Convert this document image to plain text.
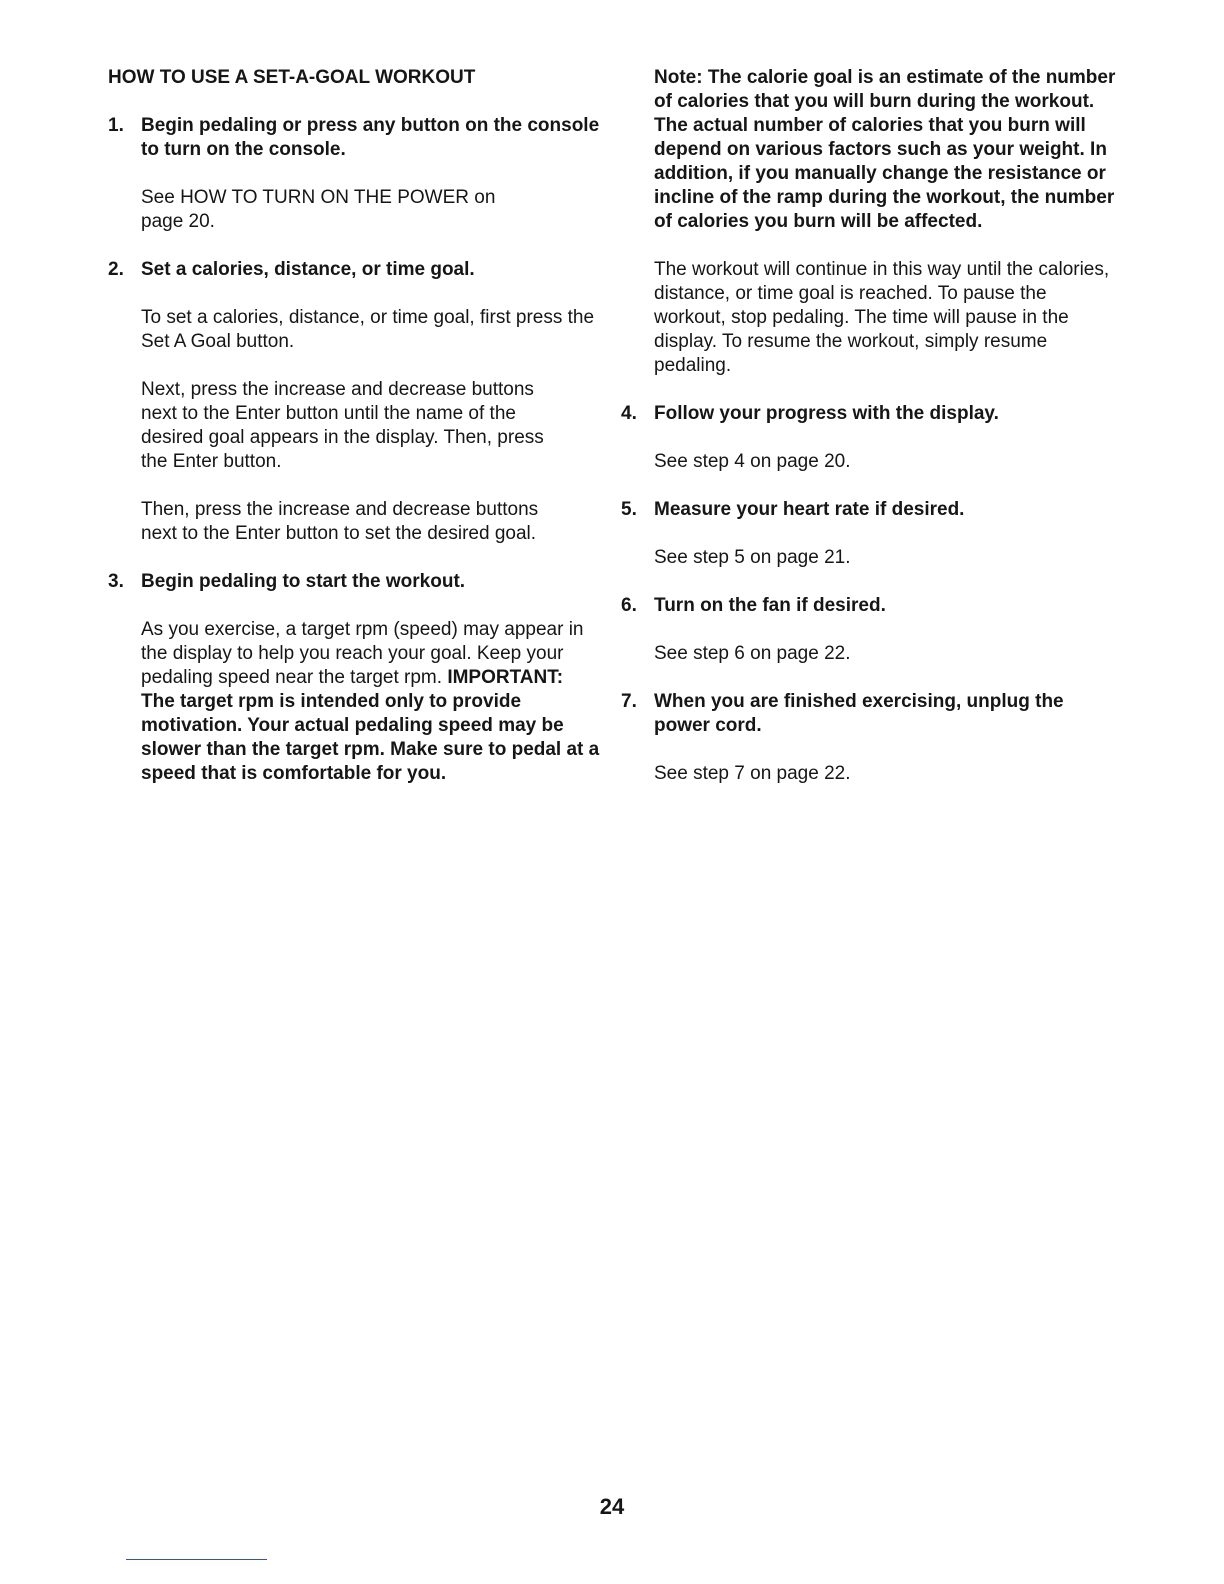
HOW TO USE A SET-A-GOAL WORKOUT
1. Begin pedaling or press any button on the console to turn on the console.
See HOW TO TURN ON THE POWER on page 20.
2. Set a calories, distance, or time goal.
To set a calories, distance, or time goal, first press the Set A Goal button.
Next, press the increase and decrease buttons next to the Enter button until the name of the desired goal appears in the display. Then, press the Enter button.
Then, press the increase and decrease buttons next to the Enter button to set the desired goal.
3. Begin pedaling to start the workout.
As you exercise, a target rpm (speed) may appear in the display to help you reach your goal. Keep your pedaling speed near the target rpm. IMPORTANT: The target rpm is intended only to provide motivation. Your actual pedaling speed may be slower than the target rpm. Make sure to pedal at a speed that is comfortable for you.
Note: The calorie goal is an estimate of the number of calories that you will burn during the workout. The actual number of calories that you burn will depend on various factors such as your weight. In addition, if you manually change the resistance or incline of the ramp during the workout, the number of calories you burn will be affected.
The workout will continue in this way until the calories, distance, or time goal is reached. To pause the workout, stop pedaling. The time will pause in the display. To resume the workout, simply resume pedaling.
4. Follow your progress with the display.
See step 4 on page 20.
5. Measure your heart rate if desired.
See step 5 on page 21.
6. Turn on the fan if desired.
See step 6 on page 22.
7. When you are finished exercising, unplug the power cord.
See step 7 on page 22.
24
